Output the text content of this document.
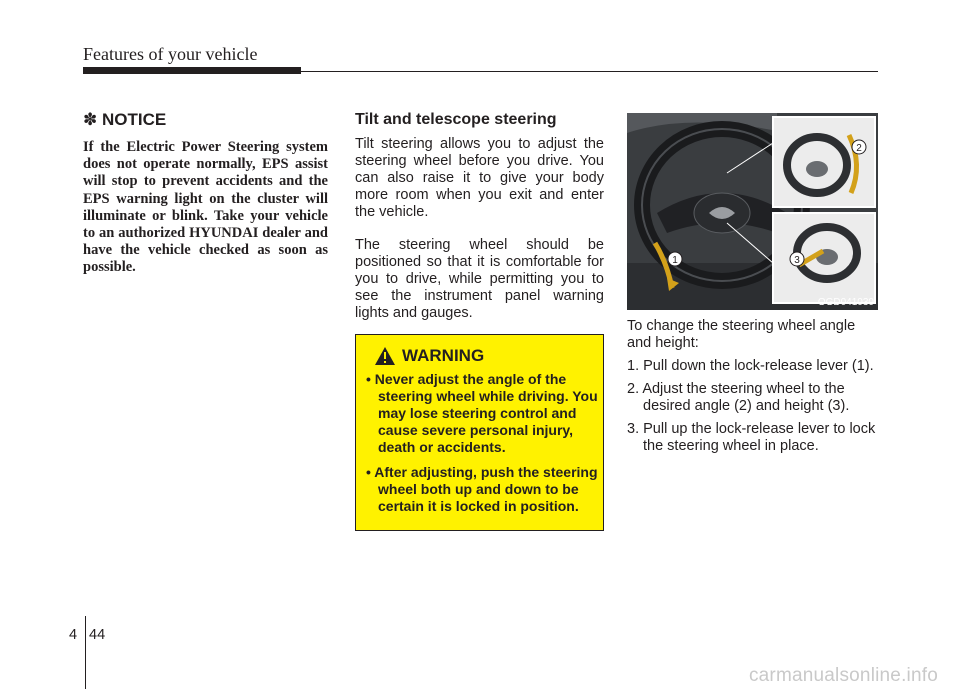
Features of your vehicle
✽ NOTICE

If the Electric Power Steering system does not operate normally, EPS assist will stop to prevent accidents and the EPS warning light on the cluster will illuminate or blink. Take your vehicle to an authorized HYUNDAI dealer and have the vehicle checked as soon as possible.

Tilt and telescope steering

Tilt steering allows you to adjust the steering wheel before you drive. You can also raise it to give your body more room when you exit and enter the vehicle.

The steering wheel should be positioned so that it is comfortable for you to drive, while permitting you to see the instrument panel warning lights and gauges.

WARNING
• Never adjust the angle of the steering wheel while driving. You may lose steering control and cause severe personal injury, death or accidents.
• After adjusting, push the steering wheel both up and down to be certain it is locked in position.
1
2
3
OGD041030

To change the steering wheel angle and height:

1. Pull down the lock-release lever (1).
2. Adjust the steering wheel to the desired angle (2) and height (3).
3. Pull up the lock-release lever to lock the steering wheel in place.
4 44
carmanualsonline.info
